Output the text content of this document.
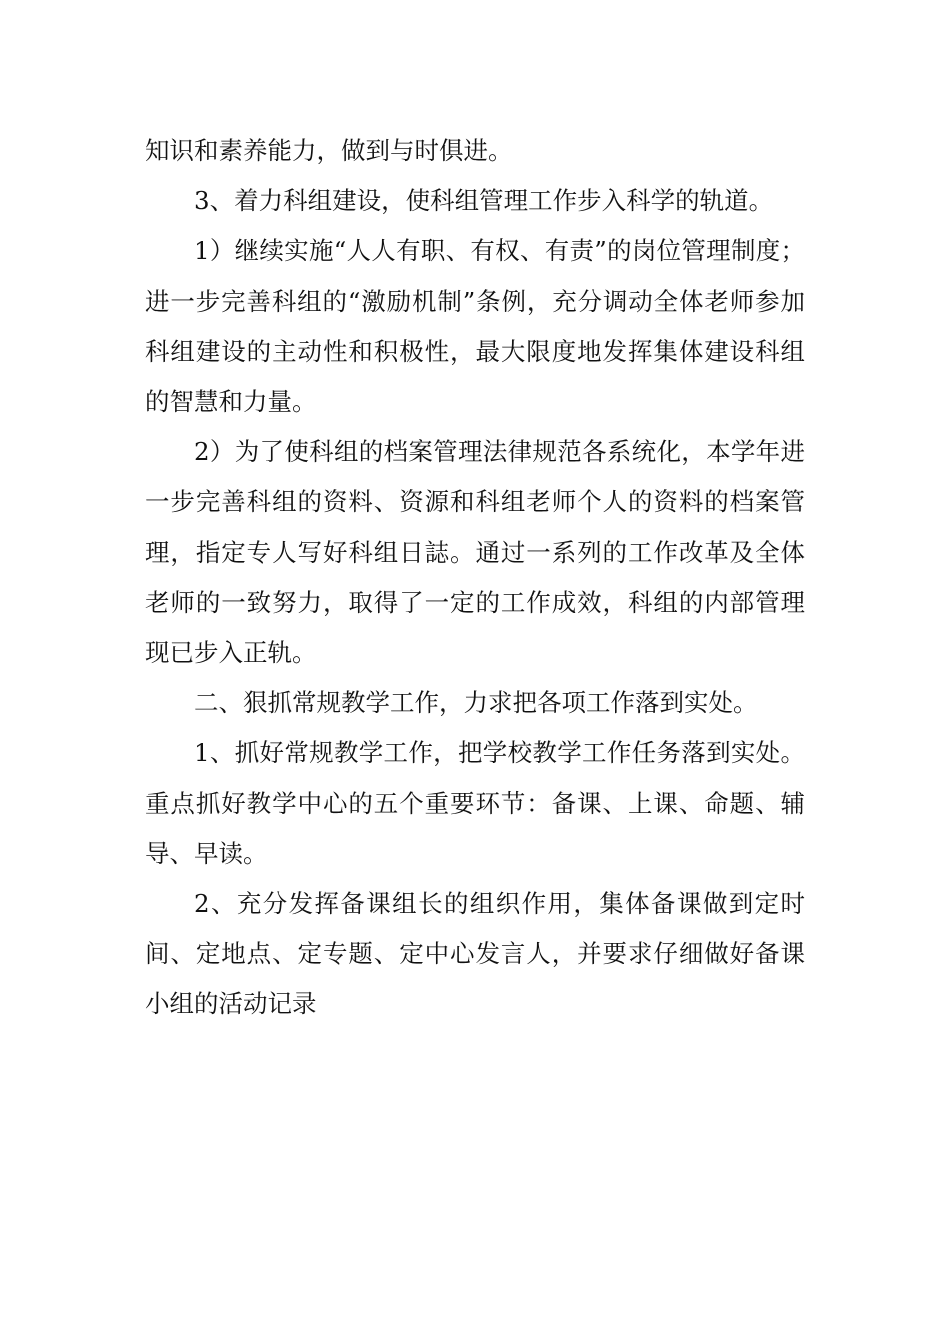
知识和素养能力，做到与时俱进。

3、着力科组建设，使科组管理工作步入科学的轨道。

1）继续实施“人人有职、有权、有责”的岗位管理制度；进一步完善科组的“激励机制”条例，充分调动全体老师参加科组建设的主动性和积极性，最大限度地发挥集体建设科组的智慧和力量。

2）为了使科组的档案管理法律规范各系统化，本学年进一步完善科组的资料、资源和科组老师个人的资料的档案管理，指定专人写好科组日誌。通过一系列的工作改革及全体老师的一致努力，取得了一定的工作成效，科组的内部管理现已步入正轨。

二、狠抓常规教学工作，力求把各项工作落到实处。

1、抓好常规教学工作，把学校教学工作任务落到实处。重点抓好教学中心的五个重要环节：备课、上课、命题、辅导、早读。

2、充分发挥备课组长的组织作用，集体备课做到定时间、定地点、定专题、定中心发言人，并要求仔细做好备课小组的活动记录
